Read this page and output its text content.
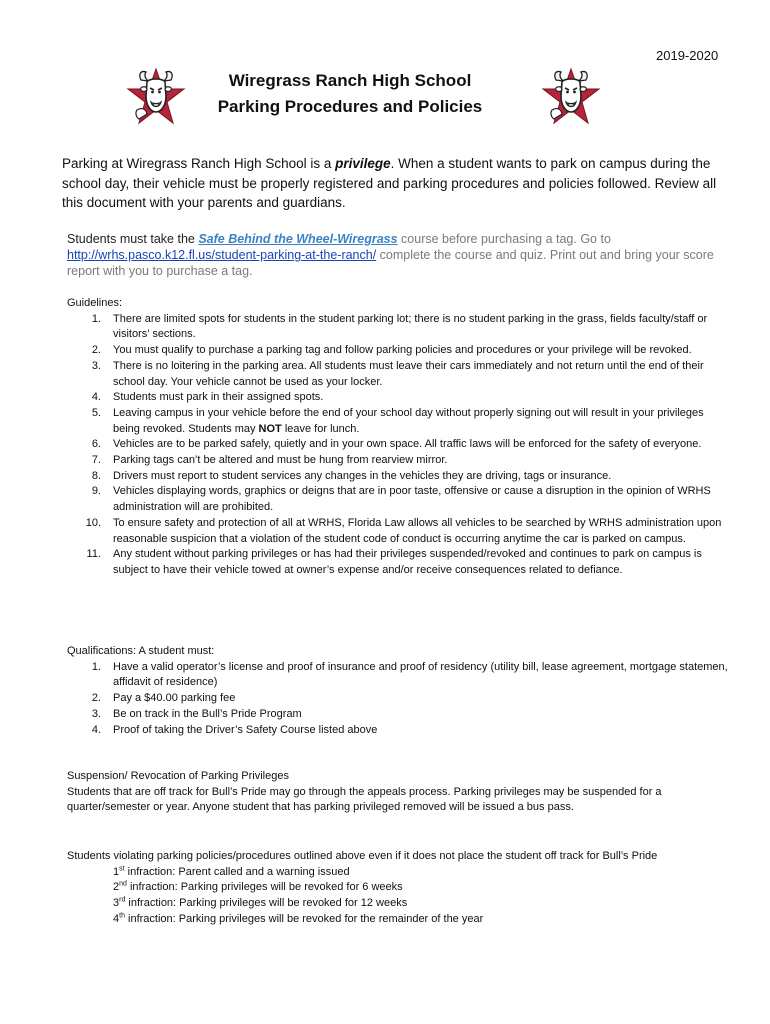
2019-2020
Wiregrass Ranch High School
Parking Procedures and Policies
Parking at Wiregrass Ranch High School is a privilege. When a student wants to park on campus during the school day, their vehicle must be properly registered and parking procedures and policies followed. Review all this document with your parents and guardians.
Students must take the Safe Behind the Wheel-Wiregrass course before purchasing a tag. Go to http://wrhs.pasco.k12.fl.us/student-parking-at-the-ranch/ complete the course and quiz. Print out and bring your score report with you to purchase a tag.

Guidelines:

1. There are limited spots for students in the student parking lot; there is no student parking in the grass, fields faculty/staff or visitors’ sections.
2. You must qualify to purchase a parking tag and follow parking policies and procedures or your privilege will be revoked.
3. There is no loitering in the parking area. All students must leave their cars immediately and not return until the end of their school day. Your vehicle cannot be used as your locker.
4. Students must park in their assigned spots.
5. Leaving campus in your vehicle before the end of your school day without properly signing out will result in your privileges being revoked. Students may NOT leave for lunch.
6. Vehicles are to be parked safely, quietly and in your own space. All traffic laws will be enforced for the safety of everyone.
7. Parking tags can’t be altered and must be hung from rearview mirror.
8. Drivers must report to student services any changes in the vehicles they are driving, tags or insurance.
9. Vehicles displaying words, graphics or deigns that are in poor taste, offensive or cause a disruption in the opinion of WRHS administration will are prohibited.
10. To ensure safety and protection of all at WRHS, Florida Law allows all vehicles to be searched by WRHS administration upon reasonable suspicion that a violation of the student code of conduct is occurring anytime the car is parked on campus.
11. Any student without parking privileges or has had their privileges suspended/revoked and continues to park on campus is subject to have their vehicle towed at owner’s expense and/or receive consequences related to defiance.

Qualifications: A student must:

1. Have a valid operator’s license and proof of insurance and proof of residency (utility bill, lease agreement, mortgage statemen, affidavit of residence)
2. Pay a $40.00 parking fee
3. Be on track in the Bull’s Pride Program
4. Proof of taking the Driver’s Safety Course listed above

Suspension/ Revocation of Parking Privileges

Students that are off track for Bull’s Pride may go through the appeals process. Parking privileges may be suspended for a quarter/semester or year. Anyone student that has parking privileged removed will be issued a bus pass.

Students violating parking policies/procedures outlined above even if it does not place the student off track for Bull’s Pride

1st infraction: Parent called and a warning issued
2nd infraction: Parking privileges will be revoked for 6 weeks
3rd infraction: Parking privileges will be revoked for 12 weeks
4th infraction: Parking privileges will be revoked for the remainder of the year
